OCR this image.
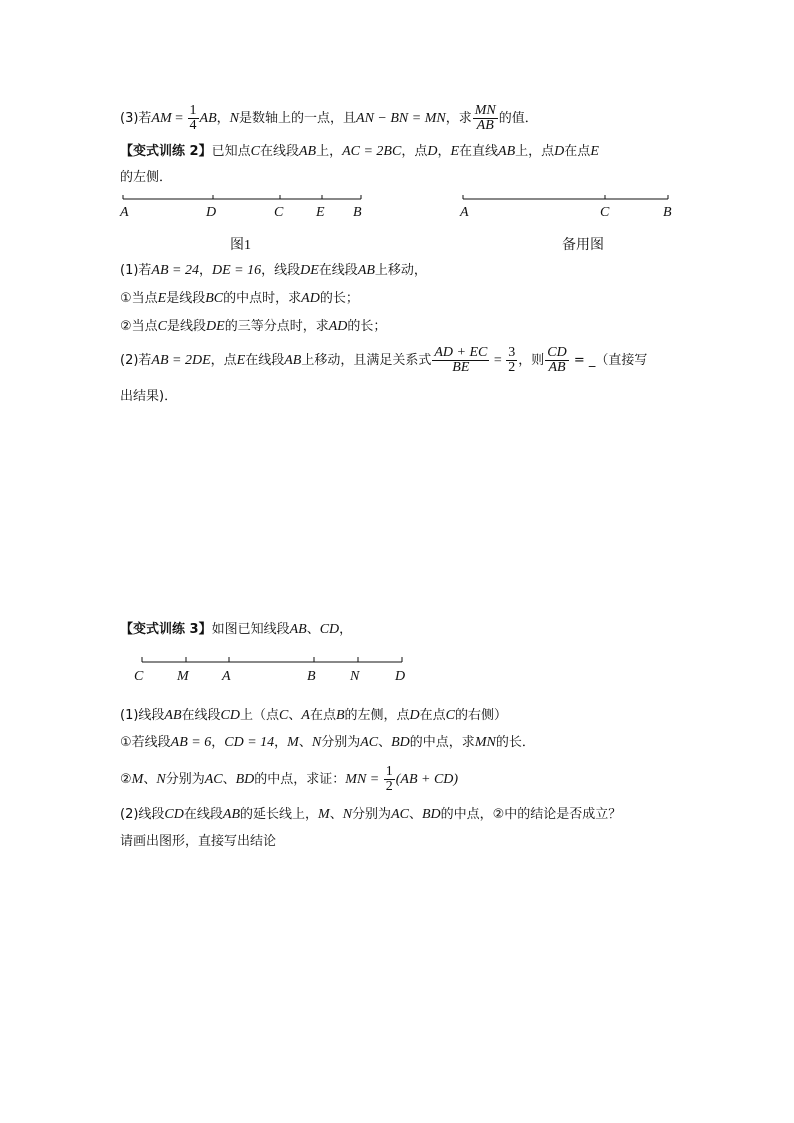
(3)若AM = $\frac{1}{4}$ AB，N是数轴上的一点，且AN − BN = MN，求 $\frac{MN}{AB}$ 的值．
【变式训练 2】已知点C在线段AB上，AC = 2BC，点D，E在直线AB上，点D在点E
的左侧．
A	D	C E B
图1
A	C	B
备用图
(1)若AB = 24，DE = 16，线段DE在线段AB上移动，
①当点E是线段BC的中点时，求AD的长；
②当点C是线段DE的三等分点时，求AD的长；
(2)若AB = 2DE，点E在线段AB上移动，且满足关系式 $\frac{AD + EC}{BE} = \frac{3}{2}$ ，则 $\frac{CD}{AB}$ = _（直接写
出结果)．
【变式训练 3】如图已知线段AB、CD，
C M A	B N	D
(1)线段AB在线段CD上（点C、A在点B的左侧，点D在点C的右侧）
①若线段AB = 6，CD = 14，M、N分别为AC、BD的中点，求MN的长．
②M、N分别为AC、BD的中点，求证：MN = $\frac{1}{2} (AB + CD)$
(2)线段CD在线段AB的延长线上，M、N分别为AC、BD的中点，②中的结论是否成立？
请画出图形，直接写出结论
